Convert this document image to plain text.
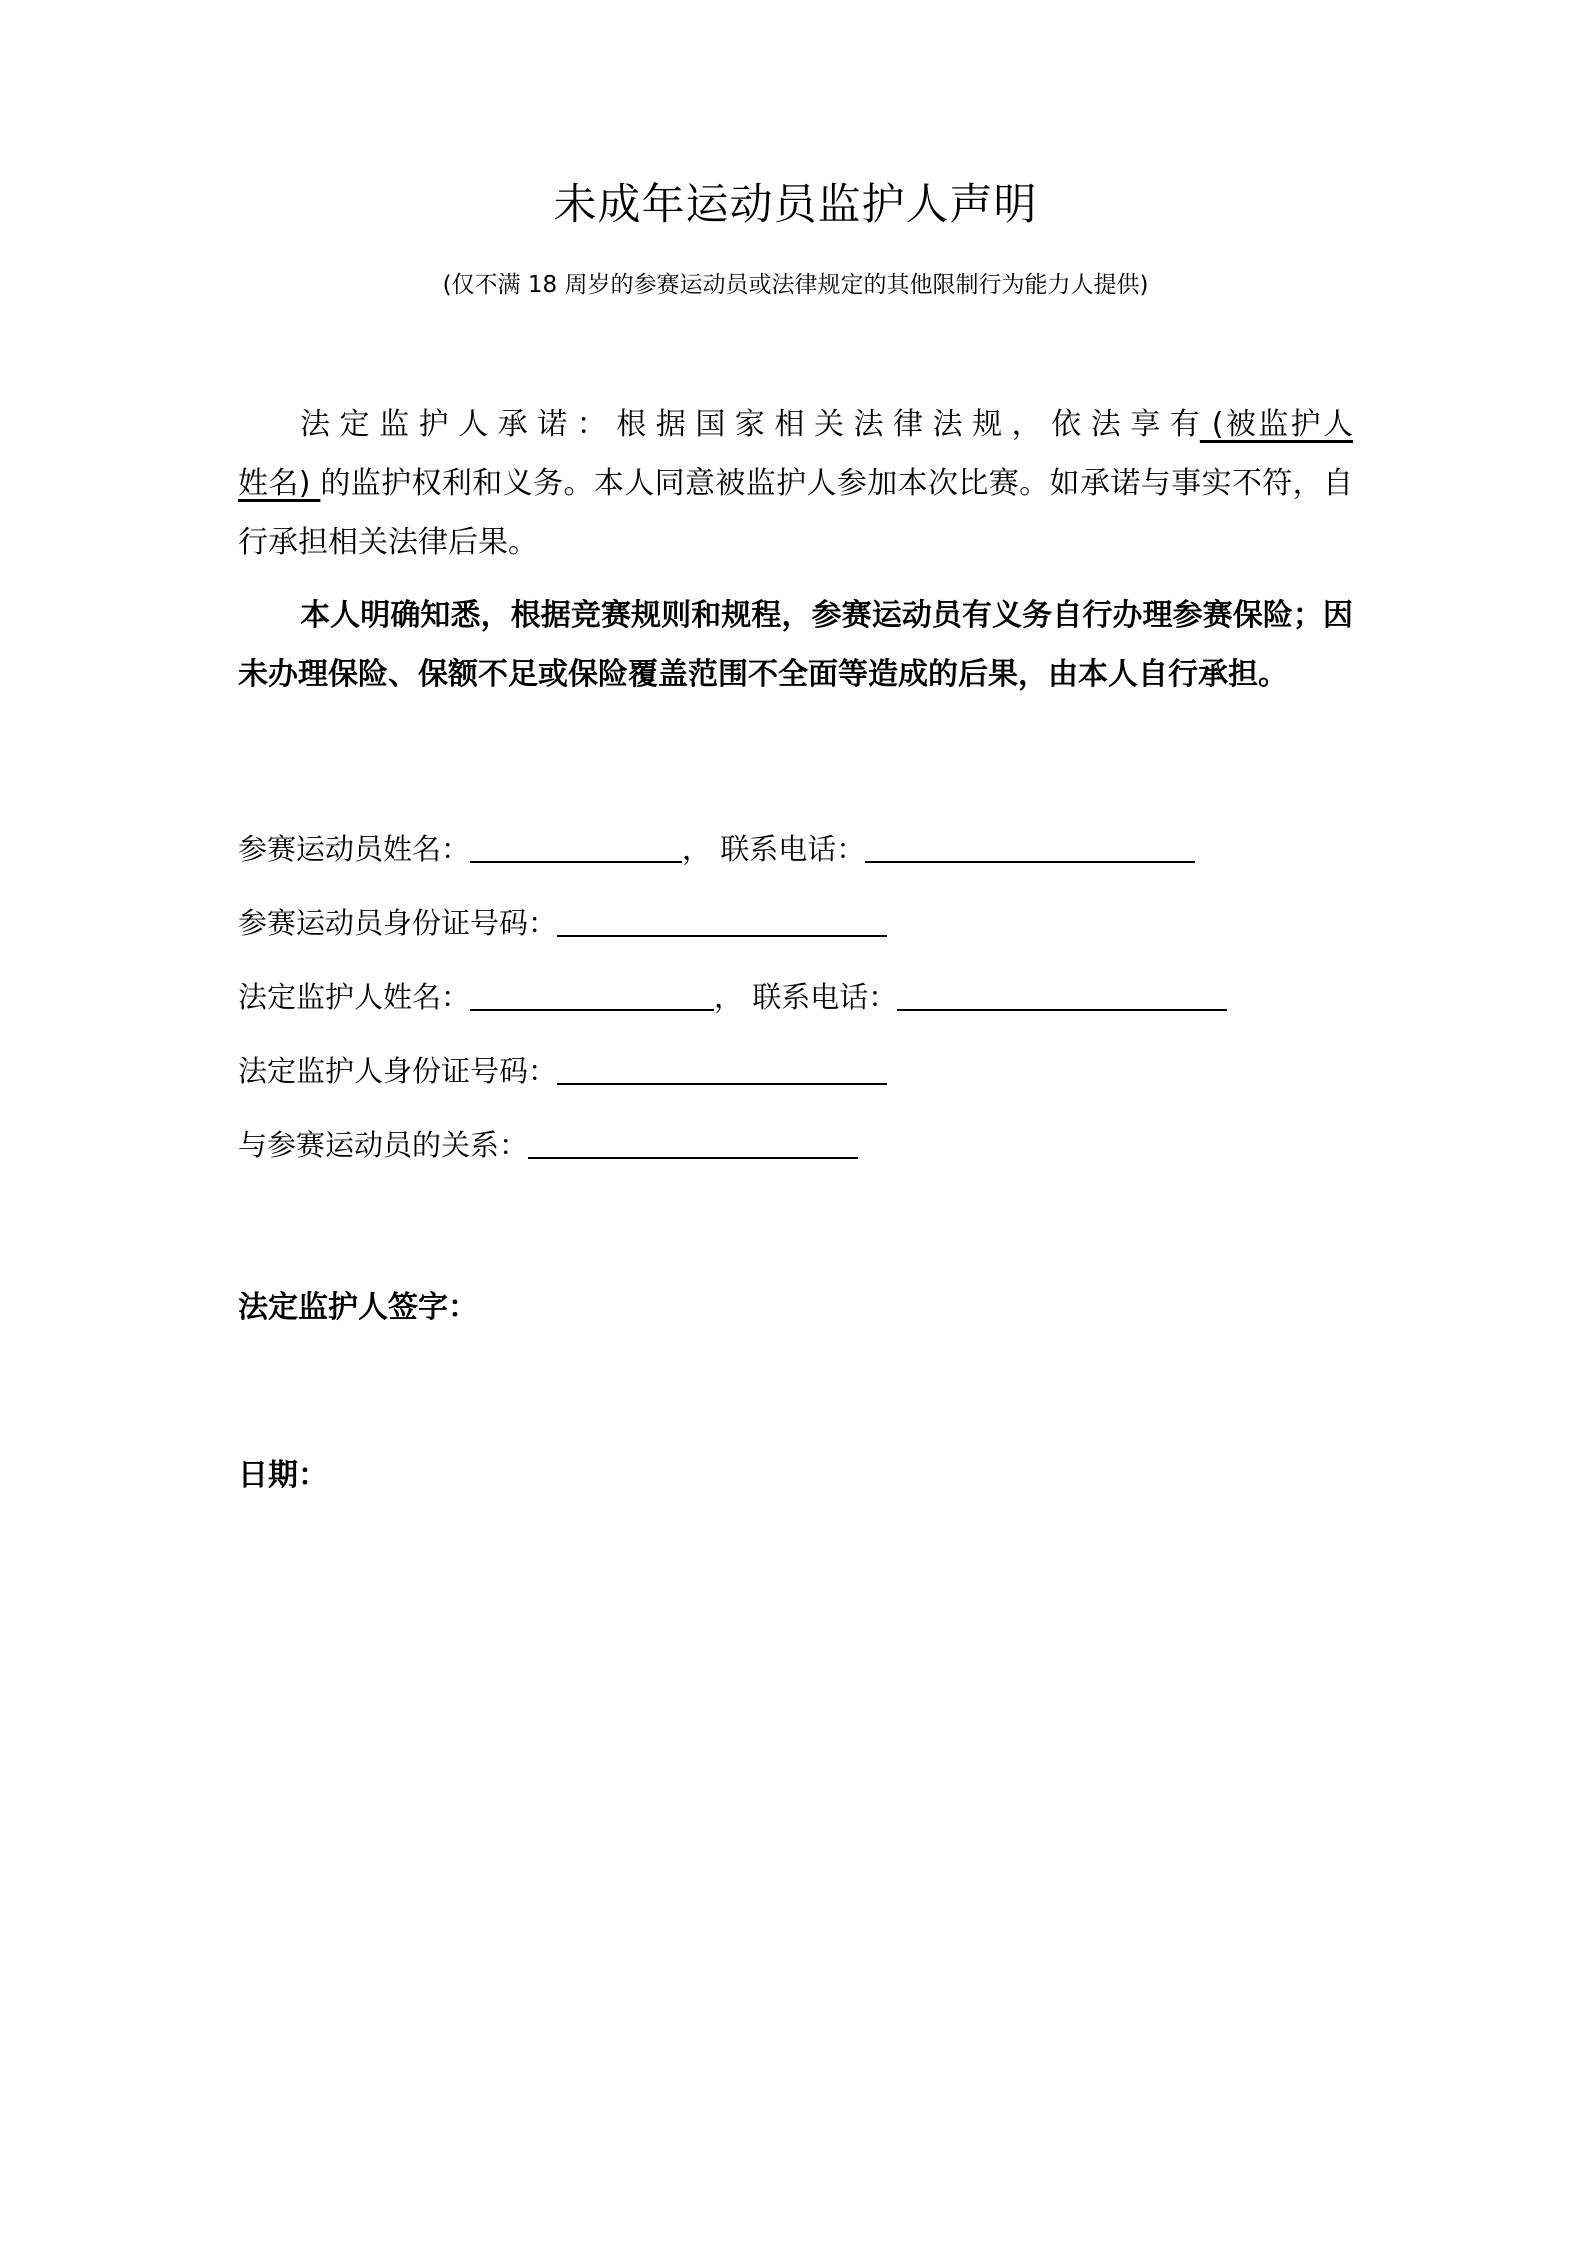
未成年运动员监护人声明
(仅不满 18 周岁的参赛运动员或法律规定的其他限制行为能力人提供)
法 定 监 护 人 承 诺 ： 根 据 国 家 相 关 法 律 法 规 ， 依 法 享 有 (被监护人姓名) 的监护权利和义务。本人同意被监护人参加本次比赛。如承诺与事实不符，自行承担相关法律后果。
本人明确知悉，根据竞赛规则和规程，参赛运动员有义务自行办理参赛保险；因未办理保险、保额不足或保险覆盖范围不全面等造成的后果，由本人自行承担。
参赛运动员姓名：	， 联系电话：
参赛运动员身份证号码：
法定监护人姓名：	， 联系电话：
法定监护人身份证号码：
与参赛运动员的关系：
法定监护人签字：
日期：
